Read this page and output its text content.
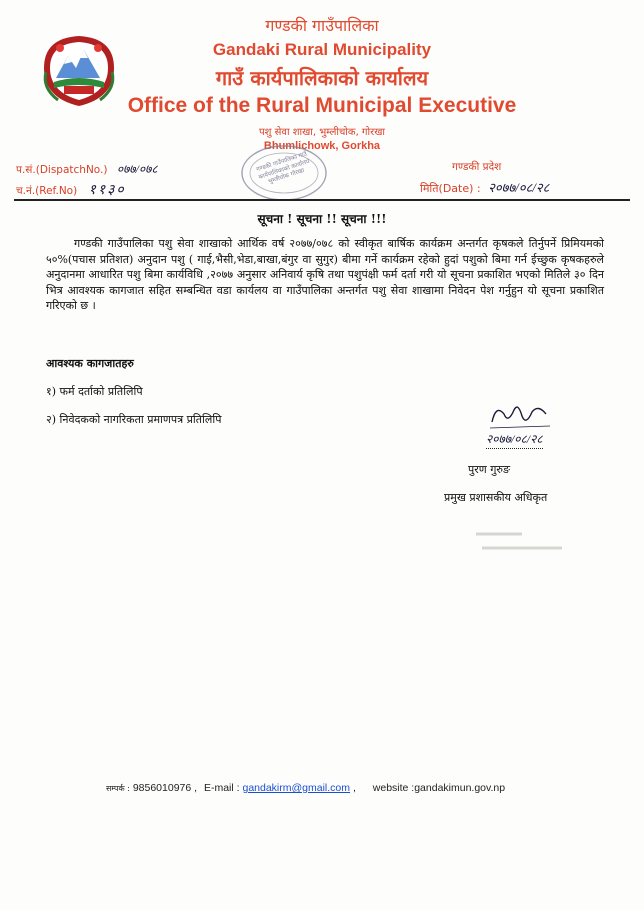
गण्डकी गाउँपालिका
Gandaki Rural Municipality
गाउँ कार्यपालिकाको कार्यालय
Office of the Rural Municipal Executive
पशु सेवा शाखा, भुम्लीचोक, गोरखा
Bhumlichowk, Gorkha
गण्डकी गाउँपालिका गाउँ कार्यपालिकाको कार्यालय भुम्लीचोक गोरखा
प.सं.(DispatchNo.) ०७७/०७८
च.नं.(Ref.No) ११३०
गण्डकी प्रदेश
मिति(Date) : २०७७/०८/२८
सूचना ! सूचना !! सूचना !!!
गण्डकी गाउँपालिका पशु सेवा शाखाको आर्थिक वर्ष २०७७/०७८ को स्वीकृत बार्षिक कार्यक्रम अन्तर्गत कृषकले तिर्नुपर्ने प्रिमियमको ५०%(पचास प्रतिशत) अनुदान पशु ( गाई,भैसी,भेडा,बाखा,बंगुर वा सुगुर) बीमा गर्ने कार्यक्रम रहेको हुदां पशुको बिमा गर्न ईच्छुक कृषकहरुले अनुदानमा आधारित पशु बिमा कार्यविधि ,२०७७ अनुसार अनिवार्य कृषि तथा पशुपंक्षी फर्म दर्ता गरी यो सूचना प्रकाशित भएको मितिले ३० दिन भित्र आवश्यक कागजात सहित सम्बन्धित वडा कार्यलय वा गाउँपालिका अन्तर्गत पशु सेवा शाखामा निवेदन पेश गर्नुहुन यो सूचना प्रकाशित गरिएको छ ।
आवश्यक कागजातहरु
१) फर्म दर्ताको प्रतिलिपि
२) निवेदकको नागरिकता प्रमाणपत्र प्रतिलिपि
२०७७/०८/२८
पुरण गुरुङ
प्रमुख प्रशासकीय अधिकृत
सम्पर्क : 9856010976 , E-mail : gandakirm@gmail.com , website :gandakimun.gov.np
